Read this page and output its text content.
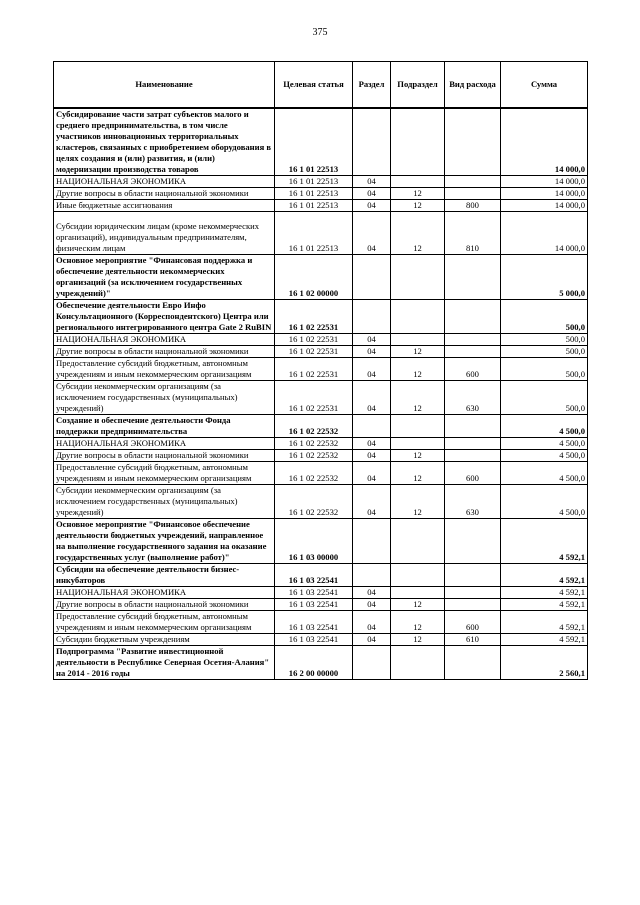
375
Наименование	Целевая статья	Раздел	Подраздел	Вид расхода	Сумма
Субсидирование части затрат субъектов малого и среднего предпринимательства, в том числе участников инновационных территориальных кластеров, связанных с приобретением оборудования в целях создания и (или) развития, и (или) модернизации производства товаров	16 1 01 22513				14 000,0
НАЦИОНАЛЬНАЯ ЭКОНОМИКА	16 1 01 22513	04			14 000,0
Другие вопросы в области национальной экономики	16 1 01 22513	04	12		14 000,0
Иные бюджетные ассигнования	16 1 01 22513	04	12	800	14 000,0
Субсидии юридическим лицам (кроме некоммерческих организаций), индивидуальным предпринимателям, физическим лицам	16 1 01 22513	04	12	810	14 000,0
Основное мероприятие "Финансовая поддержка и обеспечение деятельности некоммерческих организаций (за исключением государственных учреждений)"	16 1 02 00000				5 000,0
Обеспечение деятельности Евро Инфо Консультационного (Корреспондентского) Центра или регионального интегрированного центра Gate 2 RuBIN	16 1 02 22531				500,0
НАЦИОНАЛЬНАЯ ЭКОНОМИКА	16 1 02 22531	04			500,0
Другие вопросы в области национальной экономики	16 1 02 22531	04	12		500,0
Предоставление субсидий бюджетным, автономным учреждениям и иным некоммерческим организациям	16 1 02 22531	04	12	600	500,0
Субсидии некоммерческим организациям (за исключением государственных (муниципальных) учреждений)	16 1 02 22531	04	12	630	500,0
Создание и обеспечение деятельности Фонда поддержки предпринимательства	16 1 02 22532				4 500,0
НАЦИОНАЛЬНАЯ ЭКОНОМИКА	16 1 02 22532	04			4 500,0
Другие вопросы в области национальной экономики	16 1 02 22532	04	12		4 500,0
Предоставление субсидий бюджетным, автономным учреждениям и иным некоммерческим организациям	16 1 02 22532	04	12	600	4 500,0
Субсидии некоммерческим организациям (за исключением государственных (муниципальных) учреждений)	16 1 02 22532	04	12	630	4 500,0
Основное мероприятие "Финансовое обеспечение деятельности бюджетных учреждений, направленное на выполнение государственного задания на оказание государственных услуг (выполнение работ)"	16 1 03 00000				4 592,1
Субсидии на обеспечение деятельности бизнес-инкубаторов	16 1 03 22541				4 592,1
НАЦИОНАЛЬНАЯ ЭКОНОМИКА	16 1 03 22541	04			4 592,1
Другие вопросы в области национальной экономики	16 1 03 22541	04	12		4 592,1
Предоставление субсидий бюджетным, автономным учреждениям и иным некоммерческим организациям	16 1 03 22541	04	12	600	4 592,1
Субсидии бюджетным учреждениям	16 1 03 22541	04	12	610	4 592,1
Подпрограмма "Развитие инвестиционной деятельности в Республике Северная Осетия-Алания" на 2014 - 2016 годы	16 2 00 00000				2 560,1
